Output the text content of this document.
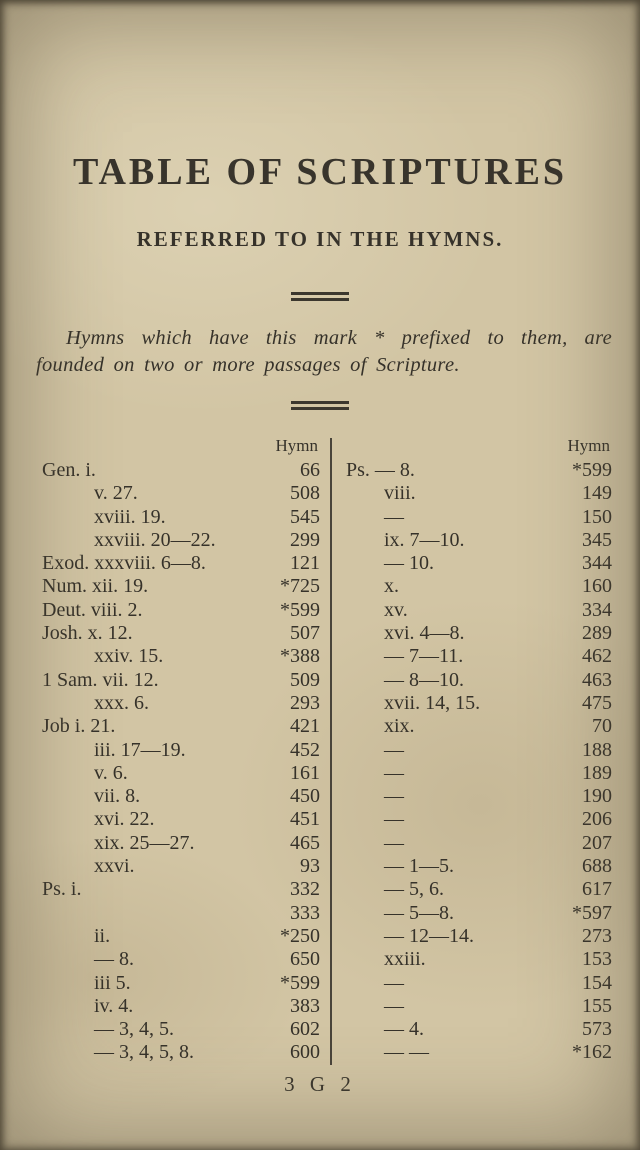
TABLE OF SCRIPTURES
REFERRED TO IN THE HYMNS.

Hymns which have this mark * prefixed to them, are founded on two or more passages of Scripture.

Hymn
Gen. i.	66
v. 27.	508
xviii. 19.	545
xxviii. 20—22.	299
Exod. xxxviii. 6—8.	121
Num. xii. 19.	*725
Deut. viii. 2.	*599
Josh. x. 12.	507
xxiv. 15.	*388
1 Sam. vii. 12.	509
xxx. 6.	293
Job i. 21.	421
iii. 17—19.	452
v. 6.	161
vii. 8.	450
xvi. 22.	451
xix. 25—27.	465
xxvi.	93
Ps. i.	332
333
ii.	*250
— 8.	650
iii 5.	*599
iv. 4.	383
— 3, 4, 5.	602
— 3, 4, 5, 8.	600
Hymn
Ps. — 8.	*599
viii.	149
—	150
ix. 7—10.	345
— 10.	344
x.	160
xv.	334
xvi. 4—8.	289
— 7—11.	462
— 8—10.	463
xvii. 14, 15.	475
xix.	70
—	188
—	189
—	190
—	206
—	207
— 1—5.	688
— 5, 6.	617
— 5—8.	*597
— 12—14.	273
xxiii.	153
—	154
—	155
— 4.	573
— —	*162
3 G 2
